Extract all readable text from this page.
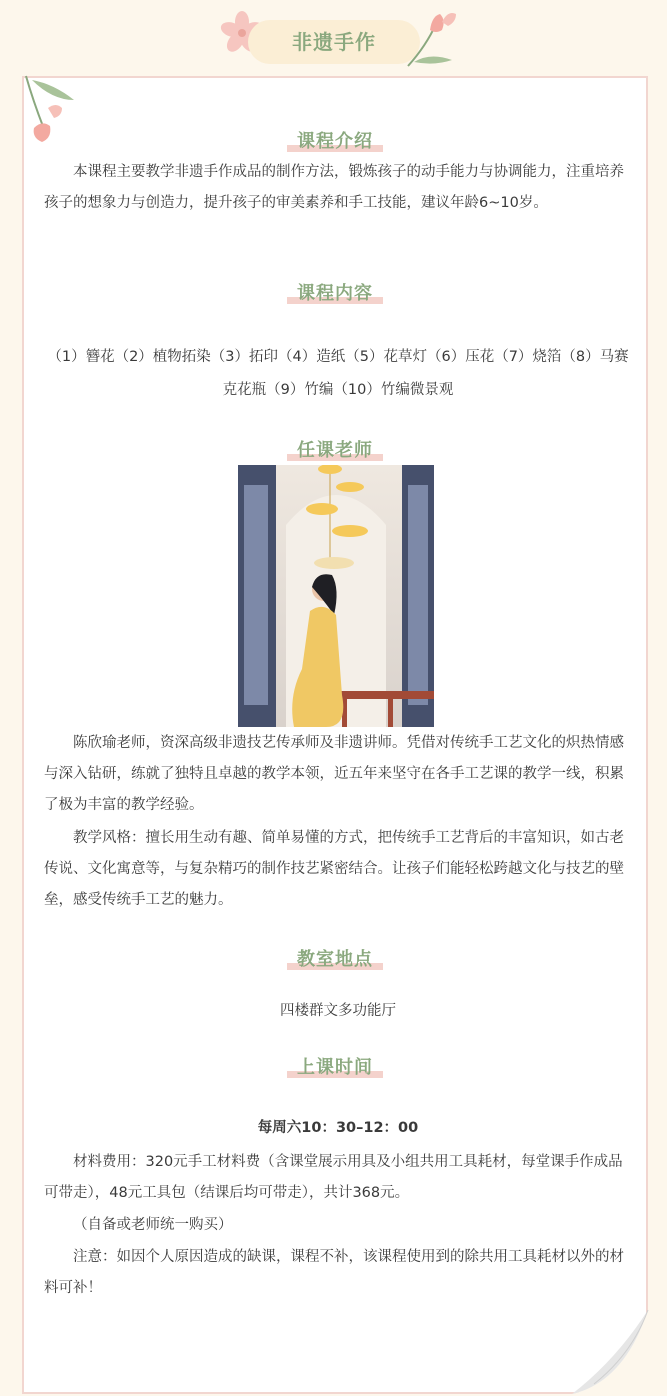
非遗手作
课程介绍

本课程主要教学非遗手作成品的制作方法，锻炼孩子的动手能力与协调能力，注重培养孩子的想象力与创造力，提升孩子的审美素养和手工技能，建议年龄6~10岁。

课程内容

（1）簪花（2）植物拓染（3）拓印（4）造纸（5）花草灯（6）压花（7）烧箔（8）马赛克花瓶（9）竹编（10）竹编微景观

任课老师

陈欣瑜老师，资深高级非遗技艺传承师及非遗讲师。凭借对传统手工艺文化的炽热情感与深入钻研，练就了独特且卓越的教学本领，近五年来坚守在各手工艺课的教学一线，积累了极为丰富的教学经验。

教学风格：擅长用生动有趣、简单易懂的方式，把传统手工艺背后的丰富知识，如古老传说、文化寓意等，与复杂精巧的制作技艺紧密结合。让孩子们能轻松跨越文化与技艺的壁垒，感受传统手工艺的魅力。

教室地点

四楼群文多功能厅

上课时间

每周六10：30–12：00

材料费用：320元手工材料费（含课堂展示用具及小组共用工具耗材，每堂课手作成品可带走），48元工具包（结课后均可带走），共计368元。

（自备或老师统一购买）

注意：如因个人原因造成的缺课，课程不补，该课程使用到的除共用工具耗材以外的材料可补！
